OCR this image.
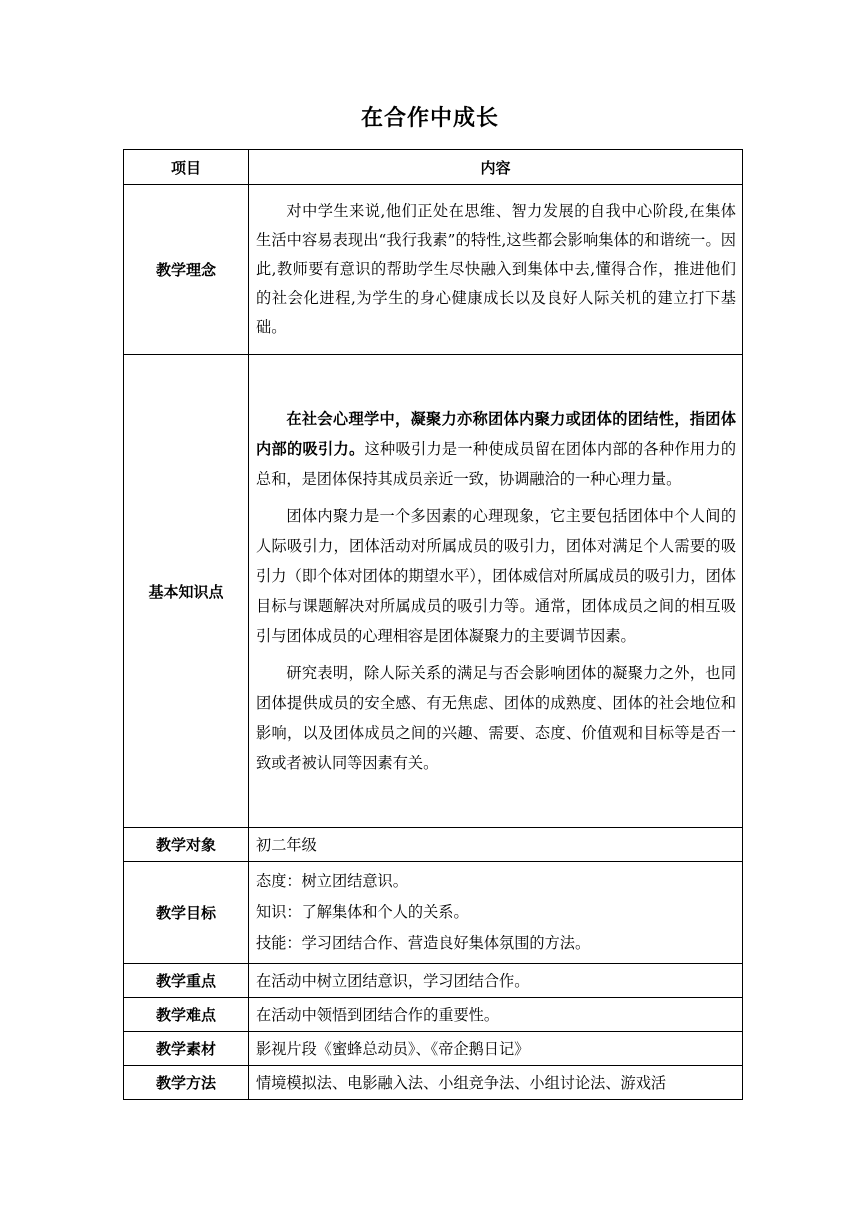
在合作中成长
项目	内容
教学理念	对中学生来说,他们正处在思维、智力发展的自我中心阶段,在集体生活中容易表现出“我行我素”的特性,这些都会影响集体的和谐统一。因此,教师要有意识的帮助学生尽快融入到集体中去,懂得合作，推进他们的社会化进程,为学生的身心健康成长以及良好人际关机的建立打下基础。

基本知识点	在社会心理学中，凝聚力亦称团体内聚力或团体的团结性，指团体内部的吸引力。这种吸引力是一种使成员留在团体内部的各种作用力的总和，是团体保持其成员亲近一致，协调融洽的一种心理力量。

团体内聚力是一个多因素的心理现象，它主要包括团体中个人间的人际吸引力，团体活动对所属成员的吸引力，团体对满足个人需要的吸引力（即个体对团体的期望水平），团体威信对所属成员的吸引力，团体目标与课题解决对所属成员的吸引力等。通常，团体成员之间的相互吸引与团体成员的心理相容是团体凝聚力的主要调节因素。

研究表明，除人际关系的满足与否会影响团体的凝聚力之外，也同团体提供成员的安全感、有无焦虑、团体的成熟度、团体的社会地位和影响，以及团体成员之间的兴趣、需要、态度、价值观和目标等是否一致或者被认同等因素有关。

教学对象	初二年级
教学目标	态度：树立团结意识。

知识：了解集体和个人的关系。

技能：学习团结合作、营造良好集体氛围的方法。

教学重点	在活动中树立团结意识，学习团结合作。
教学难点	在活动中领悟到团结合作的重要性。
教学素材	影视片段《蜜蜂总动员》、《帝企鹅日记》
教学方法	情境模拟法、电影融入法、小组竞争法、小组讨论法、游戏活
